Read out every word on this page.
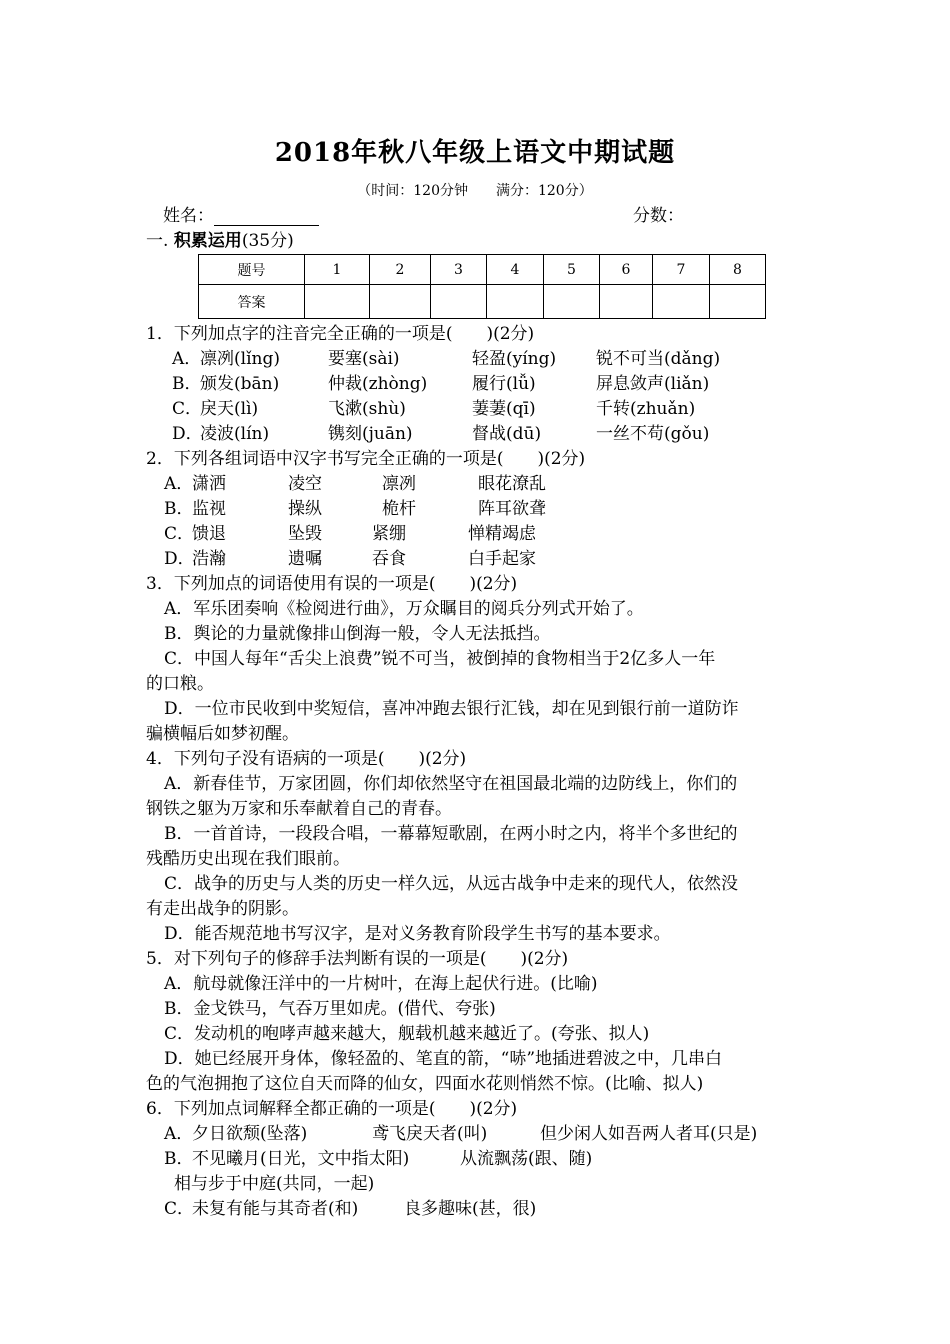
2018年秋八年级上语文中期试题
（时间：120分钟　　满分：120分）
姓名：	分数：
一. 积累运用(35分)
题号	1	2	3	4	5	6	7	8
答案								
1．下列加点字的注音完全正确的一项是(　　)(2分)
A．凛冽(lǐng)	要塞(sài)	轻盈(yíng) 锐不可当(dǎng)
B．颁发(bān)	仲裁(zhòng)	履行(lǚ)	屏息敛声(liǎn)
C．戾天(lì)	飞漱(shù)	萋萋(qī)	千转(zhuǎn)
D．凌波(lín)	镌刻(juān)	督战(dū)	一丝不苟(gǒu)
2．下列各组词语中汉字书写完全正确的一项是(　　)(2分)
A．潇洒	凌空	凛冽	眼花潦乱
B．监视	操纵	桅杆	阵耳欲聋
C．馈退	坠毁	紧绷	惮精竭虑
D．浩瀚	遗嘱	吞食	白手起家
3．下列加点的词语使用有误的一项是(　　)(2分)
A．军乐团奏响《检阅进行曲》，万众瞩目的阅兵分列式开始了。
B．舆论的力量就像排山倒海一般，令人无法抵挡。
C．中国人每年“舌尖上浪费”锐不可当，被倒掉的食物相当于2亿多人一年
的口粮。
D．一位市民收到中奖短信，喜冲冲跑去银行汇钱，却在见到银行前一道防诈
骗横幅后如梦初醒。
4．下列句子没有语病的一项是(　　)(2分)
A．新春佳节，万家团圆，你们却依然坚守在祖国最北端的边防线上，你们的
钢铁之躯为万家和乐奉献着自己的青春。
B．一首首诗，一段段合唱，一幕幕短歌剧，在两小时之内，将半个多世纪的
残酷历史出现在我们眼前。
C．战争的历史与人类的历史一样久远，从远古战争中走来的现代人，依然没
有走出战争的阴影。
D．能否规范地书写汉字，是对义务教育阶段学生书写的基本要求。
5．对下列句子的修辞手法判断有误的一项是(　　)(2分)
A．航母就像汪洋中的一片树叶，在海上起伏行进。(比喻)
B．金戈铁马，气吞万里如虎。(借代、夸张)
C．发动机的咆哮声越来越大，舰载机越来越近了。(夸张、拟人)
D．她已经展开身体，像轻盈的、笔直的箭，“哧”地插进碧波之中，几串白
色的气泡拥抱了这位自天而降的仙女，四面水花则悄然不惊。(比喻、拟人)
6．下列加点词解释全都正确的一项是(　　)(2分)
A．夕日欲颓(坠落)	鸢飞戾天者(叫)	但少闲人如吾两人者耳(只是)
B．不见曦月(日光，文中指太阳)	从流飘荡(跟、随)
相与步于中庭(共同，一起)
C．未复有能与其奇者(和)	良多趣味(甚，很)
